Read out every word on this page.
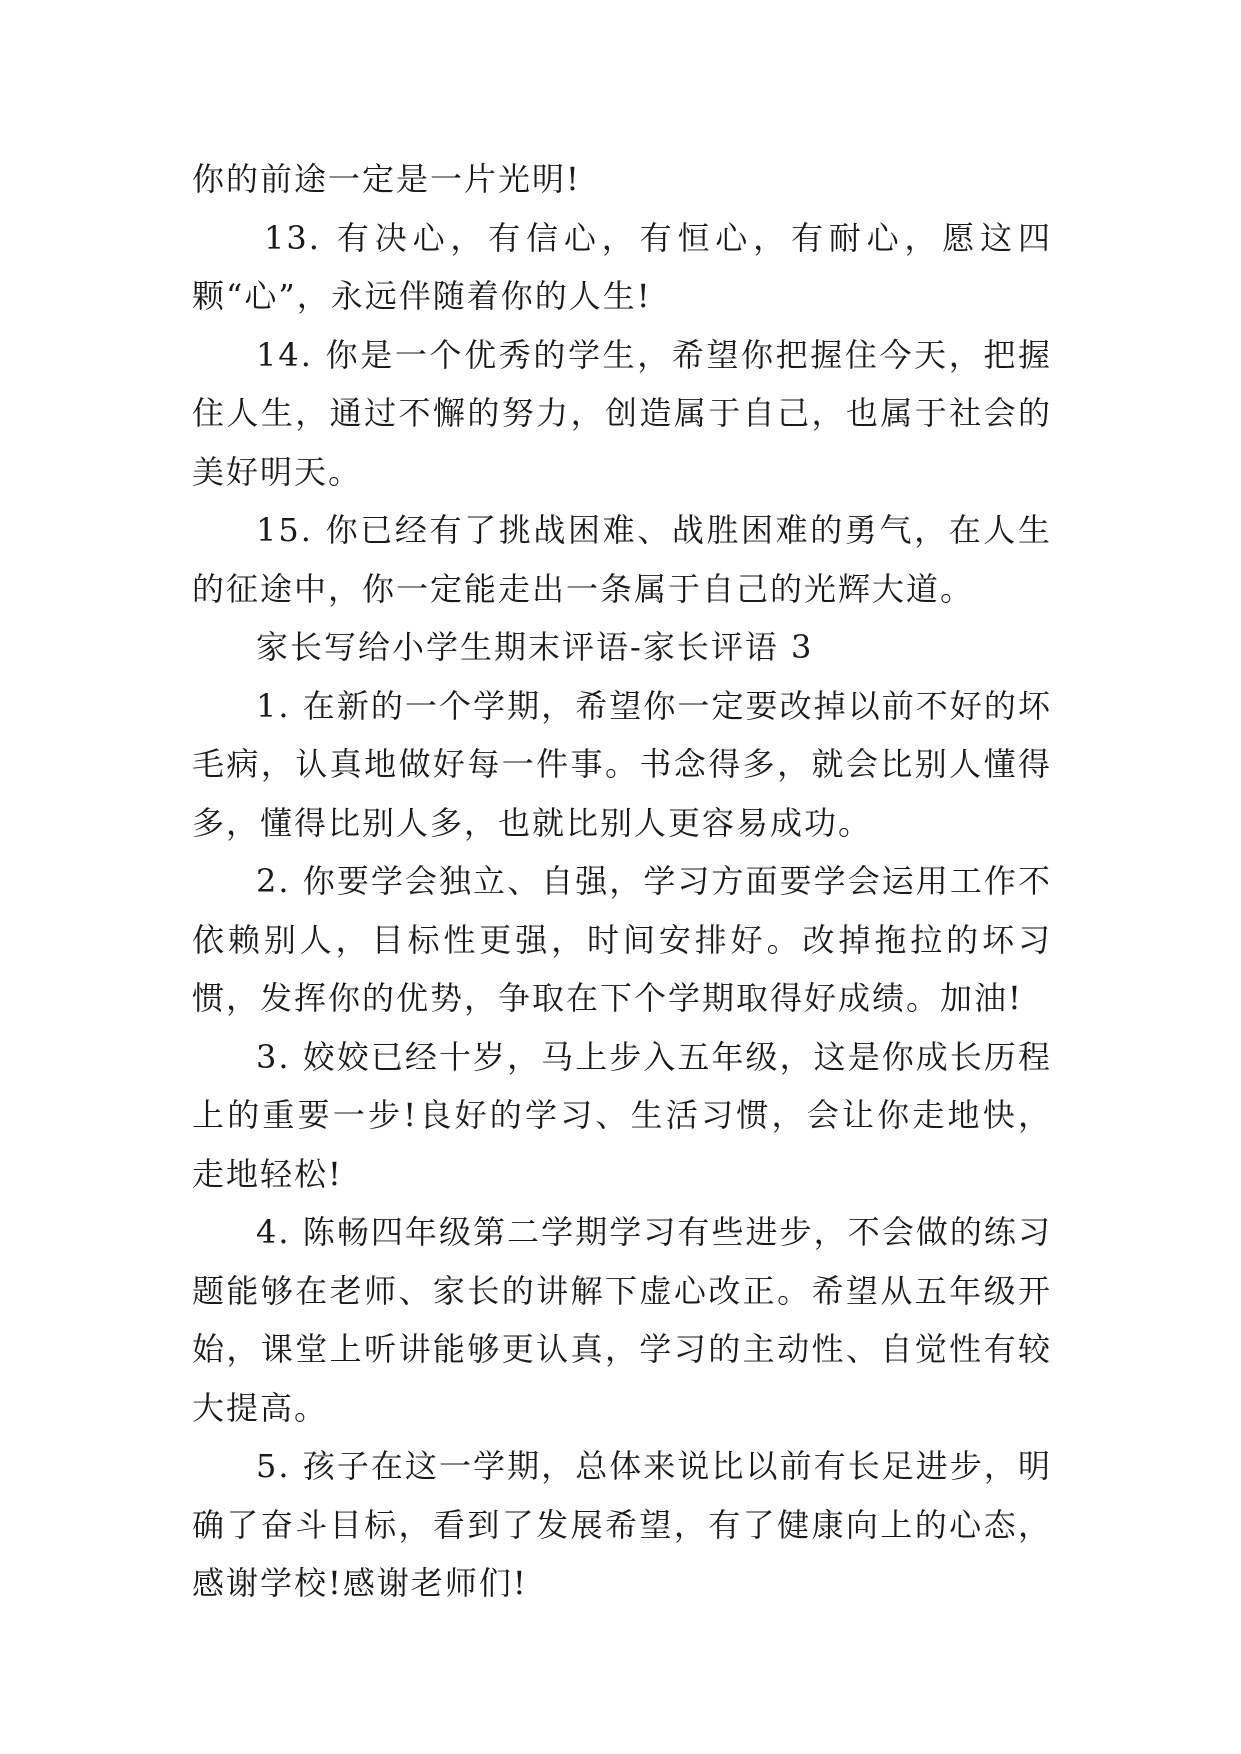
你的前途一定是一片光明!

13. 有决心，有信心，有恒心，有耐心，愿这四颗“心”，永远伴随着你的人生!

14. 你是一个优秀的学生，希望你把握住今天，把握住人生，通过不懈的努力，创造属于自己，也属于社会的美好明天。

15. 你已经有了挑战困难、战胜困难的勇气，在人生的征途中，你一定能走出一条属于自己的光辉大道。

家长写给小学生期末评语-家长评语 3

1. 在新的一个学期，希望你一定要改掉以前不好的坏毛病，认真地做好每一件事。书念得多，就会比别人懂得多，懂得比别人多，也就比别人更容易成功。

2. 你要学会独立、自强，学习方面要学会运用工作不依赖别人，目标性更强，时间安排好。改掉拖拉的坏习惯，发挥你的优势，争取在下个学期取得好成绩。加油!

3. 姣姣已经十岁，马上步入五年级，这是你成长历程上的重要一步!良好的学习、生活习惯，会让你走地快，走地轻松!

4. 陈畅四年级第二学期学习有些进步，不会做的练习题能够在老师、家长的讲解下虚心改正。希望从五年级开始，课堂上听讲能够更认真，学习的主动性、自觉性有较大提高。

5. 孩子在这一学期，总体来说比以前有长足进步，明确了奋斗目标，看到了发展希望，有了健康向上的心态，感谢学校!感谢老师们!
